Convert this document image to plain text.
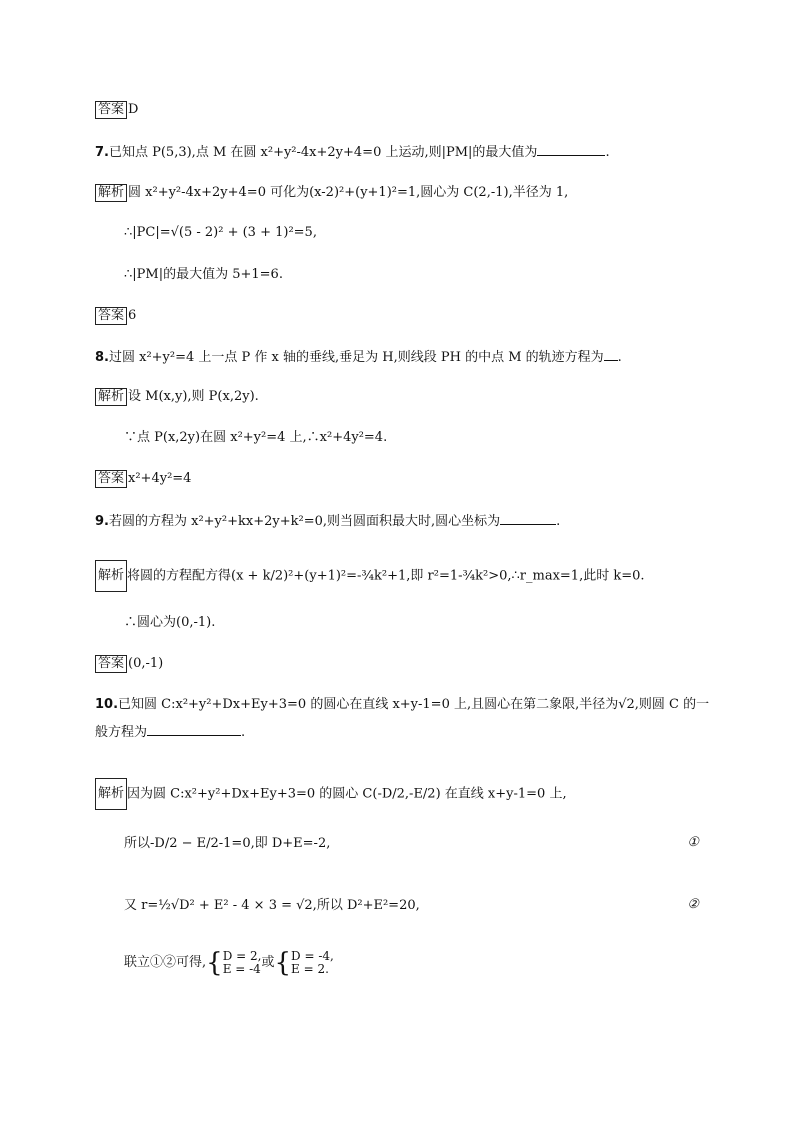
答案 D
7.已知点 P(5,3),点 M 在圆 x²+y²-4x+2y+4=0 上运动,则|PM|的最大值为	.
解析 圆 x²+y²-4x+2y+4=0 可化为(x-2)²+(y+1)²=1,圆心为 C(2,-1),半径为 1,
∴|PC|=√(5 - 2)² + (3 + 1)²=5,
∴|PM|的最大值为 5+1=6.
答案 6
8.过圆 x²+y²=4 上一点 P 作 x 轴的垂线,垂足为 H,则线段 PH 的中点 M 的轨迹方程为 .
解析 设 M(x,y),则 P(x,2y).
∵点 P(x,2y)在圆 x²+y²=4 上,∴x²+4y²=4.
答案 x²+4y²=4
9.若圆的方程为 x²+y²+kx+2y+k²=0,则当圆面积最大时,圆心坐标为	.
解析 将圆的方程配方得(x + k/2)²+(y+1)²=-¾k²+1,即 r²=1-¾k²>0,∴r_max=1,此时 k=0.
∴圆心为(0,-1).
答案 (0,-1)
10.已知圆 C:x²+y²+Dx+Ey+3=0 的圆心在直线 x+y-1=0 上,且圆心在第二象限,半径为√2,则圆 C 的一
般方程为	.
解析 因为圆 C:x²+y²+Dx+Ey+3=0 的圆心 C(-D/2,-E/2) 在直线 x+y-1=0 上,
所以-D/2 − E/2-1=0,即 D+E=-2,	①
又 r=½√D² + E² - 4 × 3 = √2,所以 D²+E²=20,	②
联立①②可得,{D = 2,
E = -4或{D = -4,
E = 2.
